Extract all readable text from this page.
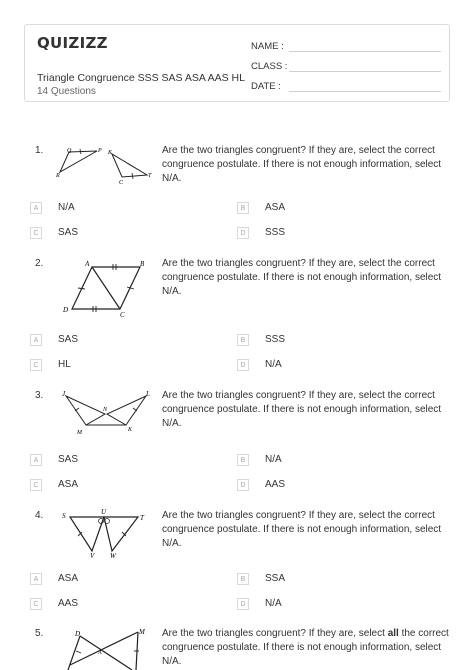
QUIZIZZ
Triangle Congruence SSS SAS ASA AAS HL
14 Questions
NAME :
CLASS :
DATE :
1.	Q	P
R
K
C
T
Are the two triangles congruent? If they are, select the correct congruence postulate. If there is not enough information, select N/A.
A	N/A	B	ASA
C	SAS	D	SSS
2.	A	B
D
C
Are the two triangles congruent? If they are, select the correct congruence postulate. If there is not enough information, select N/A.
A	SAS	B	SSS
C	HL	D	N/A
3.	J	L
N
M	K
Are the two triangles congruent? If they are, select the correct congruence postulate. If there is not enough information, select N/A.
A	SAS	B	N/A
C	ASA	D	AAS
4.	S	U
T
V W
Are the two triangles congruent? If they are, select the correct congruence postulate. If there is not enough information, select N/A.
A	ASA	B	SSA
C	AAS	D	N/A
5.	D	M
A
Are the two triangles congruent? If they are, select all the correct congruence postulate. If there is not enough information, select N/A.
